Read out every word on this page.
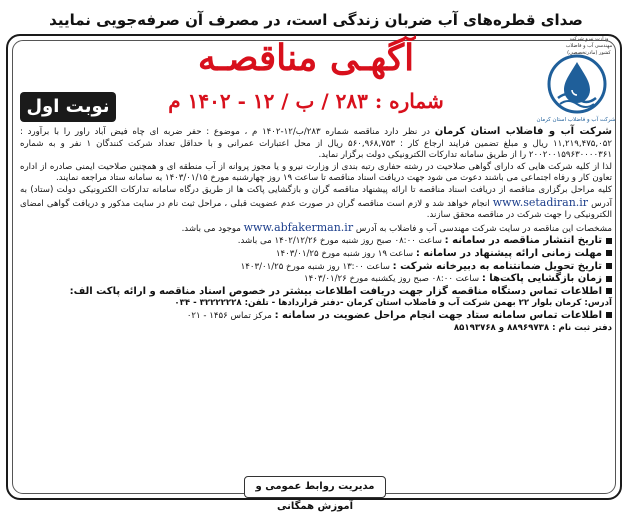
صدای قطره‌های آب ضربان زندگی است، در مصرف آن صرفه‌جویی نمایید
وزارت نیرو شرکت مهندسی آب و فاضلاب کشور (مادرتخصصی)
شرکت آب و فاضلاب استان کرمان
آگهـی مناقصـه
شماره : ۲۸۳ / ب / ۱۲ - ۱۴۰۲ م
نوبت اول

شرکت آب و فاضلاب استان کرمان در نظر دارد مناقصه شماره ۲۸۳/ب/۱۲-۱۴۰۲ م ، موضوع : حفر ضربه ای چاه فیض آباد راور را با برآورد : ۱۱,۲۱۹,۴۷۵,۰۵۲ ریال و مبلغ تضمین فرایند ارجاع کار : ۵۶۰,۹۶۸,۷۵۳ ریال از محل اعتبارات عمرانی و با حداقل تعداد شرکت کنندگان ۱ نفر و به شماره ۲۰۰۲۰۰۱۵۹۶۳۰۰۰۰۳۶۱ را از طریق سامانه تدارکات الکترونیکی دولت برگزار نماید.

لذا از کلیه شرکت هایی که دارای گواهی صلاحیت در رشته حفاری رتبه بندی از وزارت نیرو و یا مجوز پروانه از آب منطقه ای و همچنین صلاحیت ایمنی صادره از اداره تعاون کار و رفاه اجتماعی می باشند دعوت می شود جهت دریافت اسناد مناقصه تا ساعت ۱۹ روز چهارشنبه مورخ ۱۴۰۳/۰۱/۱۵ به سامانه ستاد مراجعه نمایند.

کلیه مراحل برگزاری مناقصه از دریافت اسناد مناقصه تا ارائه پیشنهاد مناقصه گران و بازگشایی پاکت ها از طریق درگاه سامانه تدارکات الکترونیکی دولت (ستاد) به آدرس www.setadiran.ir انجام خواهد شد و لازم است مناقصه گران در صورت عدم عضویت قبلی ، مراحل ثبت نام در سایت مذکور و دریافت گواهی امضای الکترونیکی را جهت شرکت در مناقصه محقق سازند.

مشخصات این مناقصه در سایت شرکت مهندسی آب و فاضلاب به آدرس www.abfakerman.ir موجود می باشد.

تاریخ انتشار مناقصه در سامانه : ساعت ۰۸:۰۰ صبح روز شنبه مورخ ۱۴۰۲/۱۲/۲۶ می باشد.

مهلت زمانی ارائه پیشنهاد در سامانه : ساعت ۱۹ روز شنبه مورخ ۱۴۰۳/۰۱/۲۵

تاریخ تحویل ضمانتنامه به دبیرخانه شرکت : ساعت ۱۳:۰۰ روز شنبه مورخ ۱۴۰۳/۰۱/۲۵

زمان بازگشایی پاکت‌ها : ساعت ۰۸:۰۰ صبح روز یکشنبه مورخ ۱۴۰۳/۰۱/۲۶

اطلاعات تماس دستگاه مناقصه گزار جهت دریافت اطلاعات بیشتر در خصوص اسناد مناقصه و ارائه پاکت الف:

آدرس: کرمان بلوار ۲۲ بهمن شرکت آب و فاضلاب استان کرمان -دفتر قراردادها - تلفن: ۳۲۲۲۲۲۲۸ - ۰۳۴

اطلاعات تماس سامانه ستاد جهت انجام مراحل عضویت در سامانه : مرکز تماس ۱۴۵۶ - ۰۲۱

دفتر ثبت نام : ۸۸۹۶۹۷۳۸ و ۸۵۱۹۳۷۶۸

مدیریت روابط عمومی و آموزش همگانی
